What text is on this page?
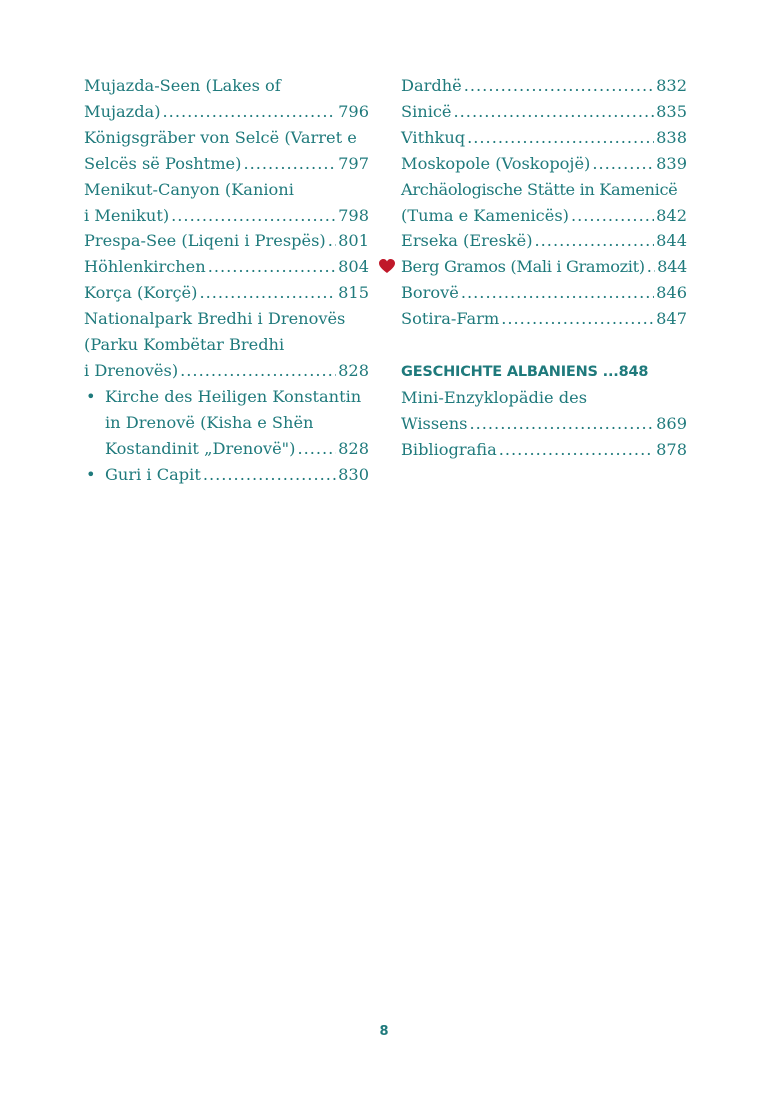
Mujazda-Seen (Lakes of
Mujazda) .....	796
Königsgräber von Selcë (Varret e
Selcës së Poshtme) .....	797
Menikut-Canyon (Kanioni
i Menikut) .....	798
Prespa-See (Liqeni i Prespës) ..... 801
Höhlenkirchen .....	804
Korça (Korçë) .....	815
Nationalpark Bredhi i Drenovës
(Parku Kombëtar Bredhi
i Drenovës) .....	828
• Kirche des Heiligen Konstantin
in Drenovë (Kisha e Shën
Kostandinit „Drenovë") .....	828
• Guri i Capit .....	830
Dardhë .....	832
Sinicë .....	835
Vithkuq .....	838
Moskopole (Voskopojë) .....	839
Archäologische Stätte in Kamenicë
(Tuma e Kamenicës) .....	842
Erseka (Ereskë) .....	844
Berg Gramos (Mali i Gramozit) ..... 844
Borovë .....	846
Sotira-Farm .....	847
GESCHICHTE ALBANIENS ...848
Mini-Enzyklopädie des
Wissens .....	869
Bibliografia .....	878
8
